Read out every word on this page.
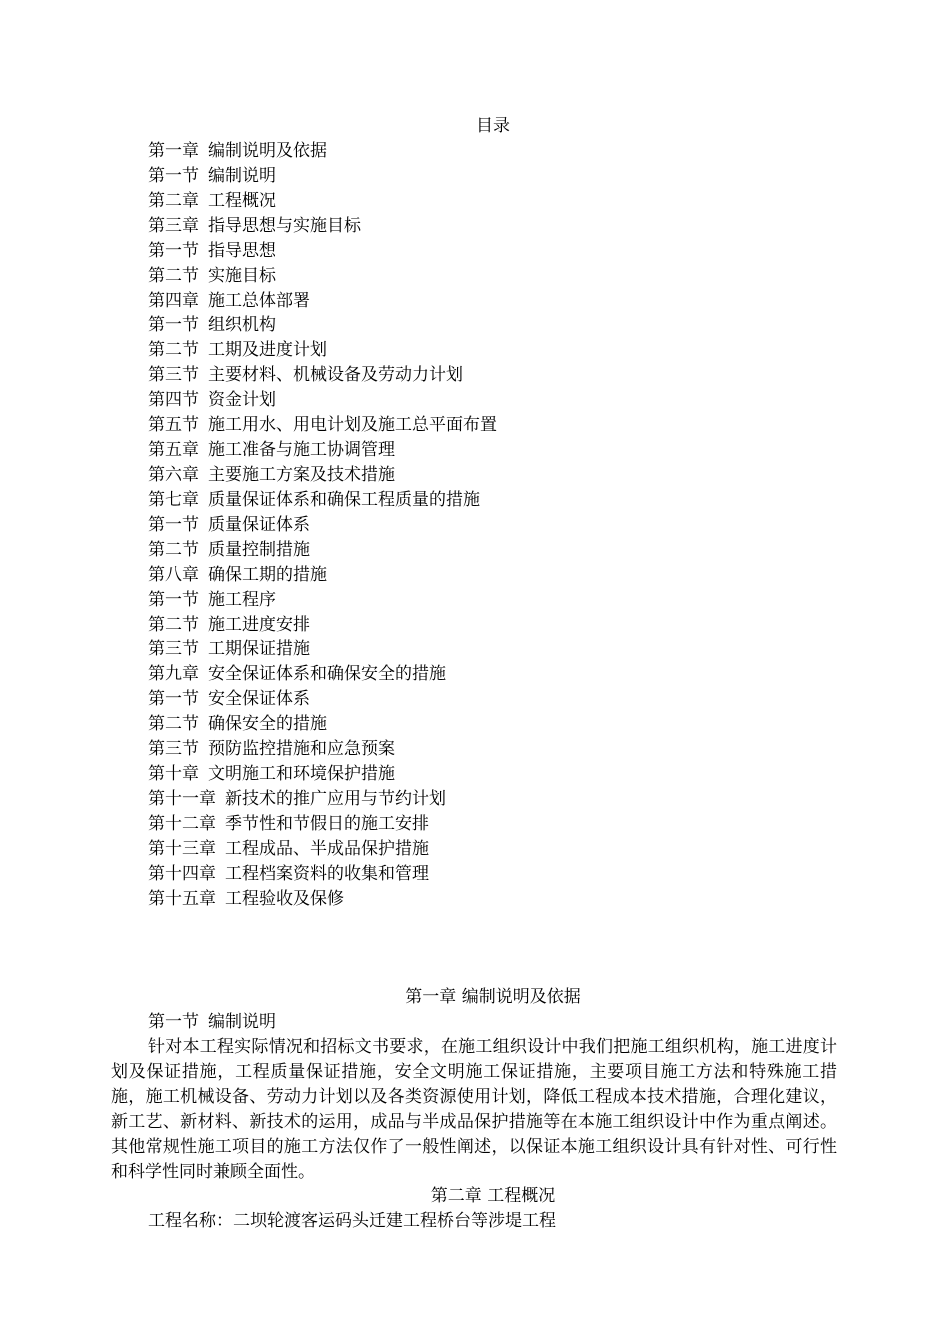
目录
第一章 编制说明及依据
第一节 编制说明
第二章 工程概况
第三章 指导思想与实施目标
第一节 指导思想
第二节 实施目标
第四章 施工总体部署
第一节 组织机构
第二节 工期及进度计划
第三节 主要材料、机械设备及劳动力计划
第四节 资金计划
第五节 施工用水、用电计划及施工总平面布置
第五章 施工准备与施工协调管理
第六章 主要施工方案及技术措施
第七章 质量保证体系和确保工程质量的措施
第一节 质量保证体系
第二节 质量控制措施
第八章 确保工期的措施
第一节 施工程序
第二节 施工进度安排
第三节 工期保证措施
第九章 安全保证体系和确保安全的措施
第一节 安全保证体系
第二节 确保安全的措施
第三节 预防监控措施和应急预案
第十章 文明施工和环境保护措施
第十一章 新技术的推广应用与节约计划
第十二章 季节性和节假日的施工安排
第十三章 工程成品、半成品保护措施
第十四章 工程档案资料的收集和管理
第十五章 工程验收及保修
第一章 编制说明及依据
第一节 编制说明

针对本工程实际情况和招标文书要求，在施工组织设计中我们把施工组织机构，施工进度计划及保证措施，工程质量保证措施，安全文明施工保证措施，主要项目施工方法和特殊施工措施，施工机械设备、劳动力计划以及各类资源使用计划，降低工程成本技术措施，合理化建议，新工艺、新材料、新技术的运用，成品与半成品保护措施等在本施工组织设计中作为重点阐述。其他常规性施工项目的施工方法仅作了一般性阐述，以保证本施工组织设计具有针对性、可行性和科学性同时兼顾全面性。

第二章 工程概况
工程名称：二坝轮渡客运码头迁建工程桥台等涉堤工程
